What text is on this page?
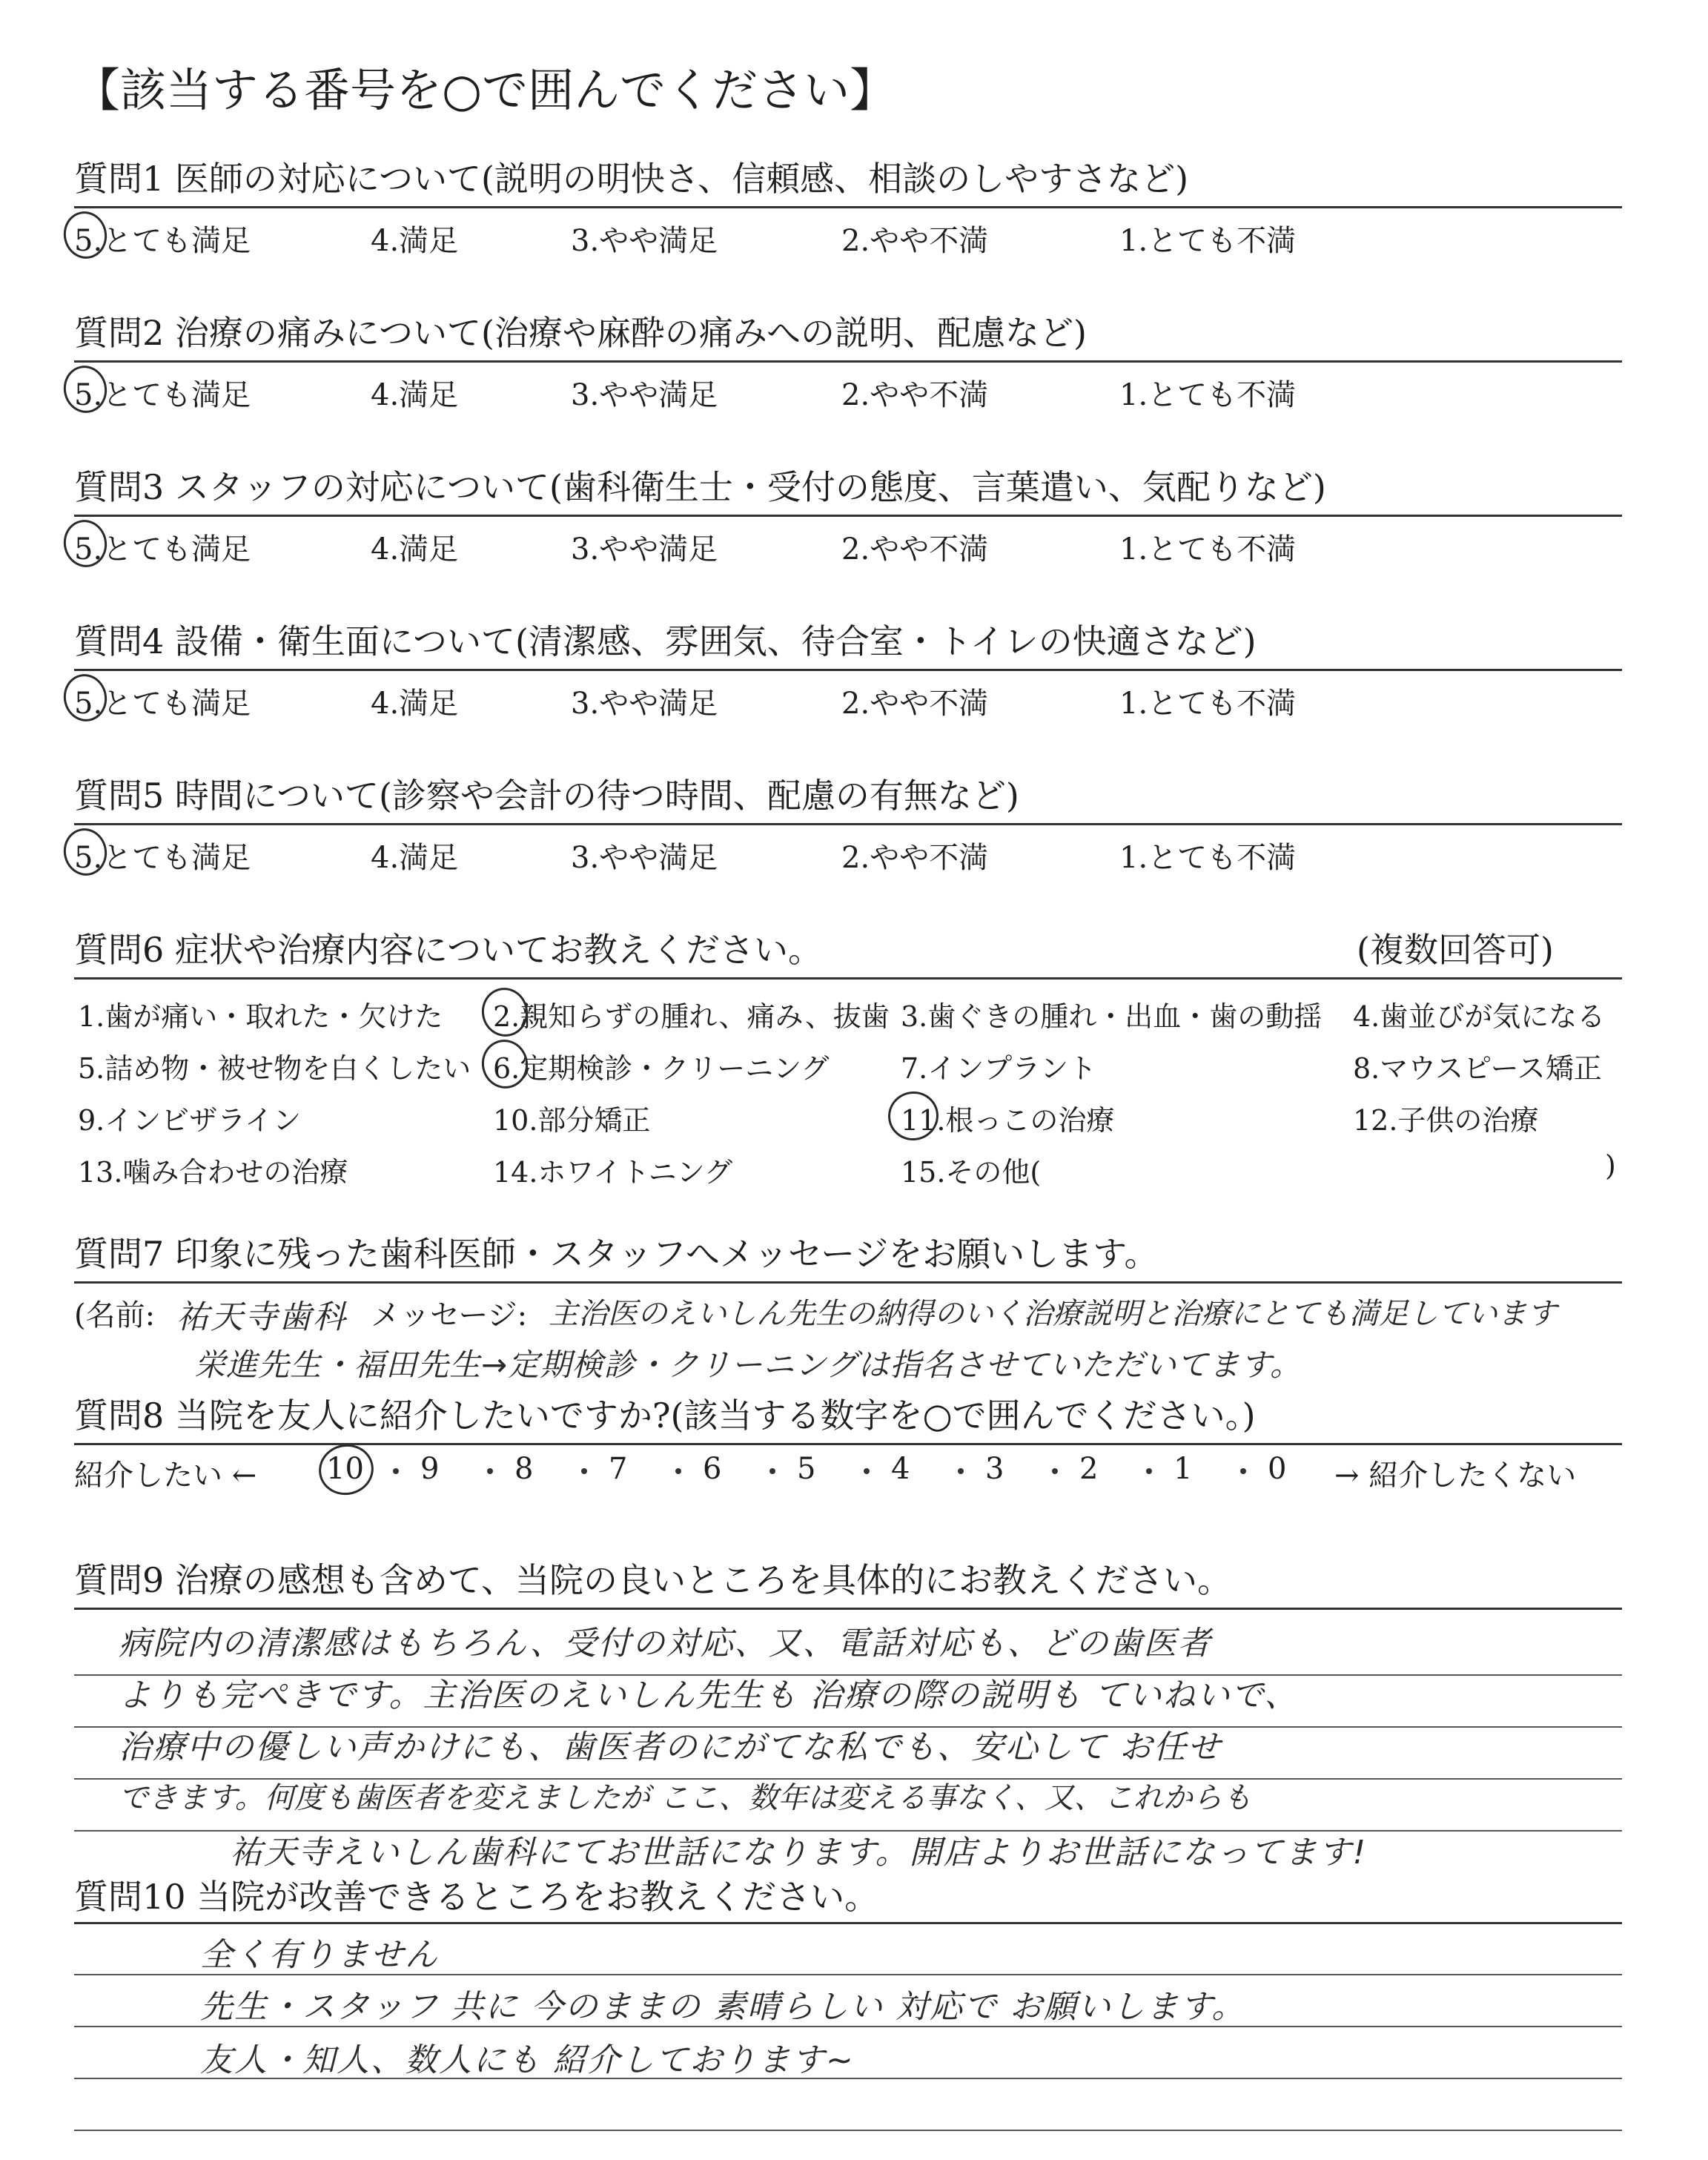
【該当する番号を○で囲んでください】
質問1 医師の対応について(説明の明快さ、信頼感、相談のしやすさなど)
5.とても満足	4.満足	3.やや満足	2.やや不満	1.とても不満
質問2 治療の痛みについて(治療や麻酔の痛みへの説明、配慮など)
5.とても満足	4.満足	3.やや満足	2.やや不満	1.とても不満
質問3 スタッフの対応について(歯科衛生士・受付の態度、言葉遣い、気配りなど)
5.とても満足	4.満足	3.やや満足	2.やや不満	1.とても不満
質問4 設備・衛生面について(清潔感、雰囲気、待合室・トイレの快適さなど)
5.とても満足	4.満足	3.やや満足	2.やや不満	1.とても不満
質問5 時間について(診察や会計の待つ時間、配慮の有無など)
5.とても満足	4.満足	3.やや満足	2.やや不満	1.とても不満
質問6 症状や治療内容についてお教えください。	(複数回答可)
1.歯が痛い・取れた・欠けた 2.親知らずの腫れ、痛み、抜歯 3.歯ぐきの腫れ・出血・歯の動揺 4.歯並びが気になる
5.詰め物・被せ物を白くしたい 6.定期検診・クリーニング	7.インプラント	8.マウスピース矯正
9.インビザライン	10.部分矯正	11.根っこの治療	12.子供の治療
13.噛み合わせの治療	14.ホワイトニング	15.その他(	)
質問7 印象に残った歯科医師・スタッフへメッセージをお願いします。
(名前: 祐天寺歯科 メッセージ: 主治医のえいしん先生の納得のいく治療説明と治療にとても満足しています
栄進先生・福田先生→定期検診・クリーニングは指名させていただいてます。
質問8 当院を友人に紹介したいですか?(該当する数字を○で囲んでください。)
紹介したい ← 10 9	8	7	6	5	4	3	2	1	0 → 紹介したくない
質問9 治療の感想も含めて、当院の良いところを具体的にお教えください。
病院内の清潔感はもちろん、受付の対応、又、電話対応も、どの歯医者
よりも完ぺきです。主治医のえいしん先生も 治療の際の説明も ていねいで、
治療中の優しい声かけにも、歯医者のにがてな私でも、安心して お任せ
できます。何度も歯医者を変えましたが ここ、数年は変える事なく、又、これからも
祐天寺えいしん歯科にてお世話になります。開店よりお世話になってます!
質問10 当院が改善できるところをお教えください。
全く有りません
先生・スタッフ 共に 今のままの 素晴らしい 対応で お願いします。
友人・知人、数人にも 紹介しております~
